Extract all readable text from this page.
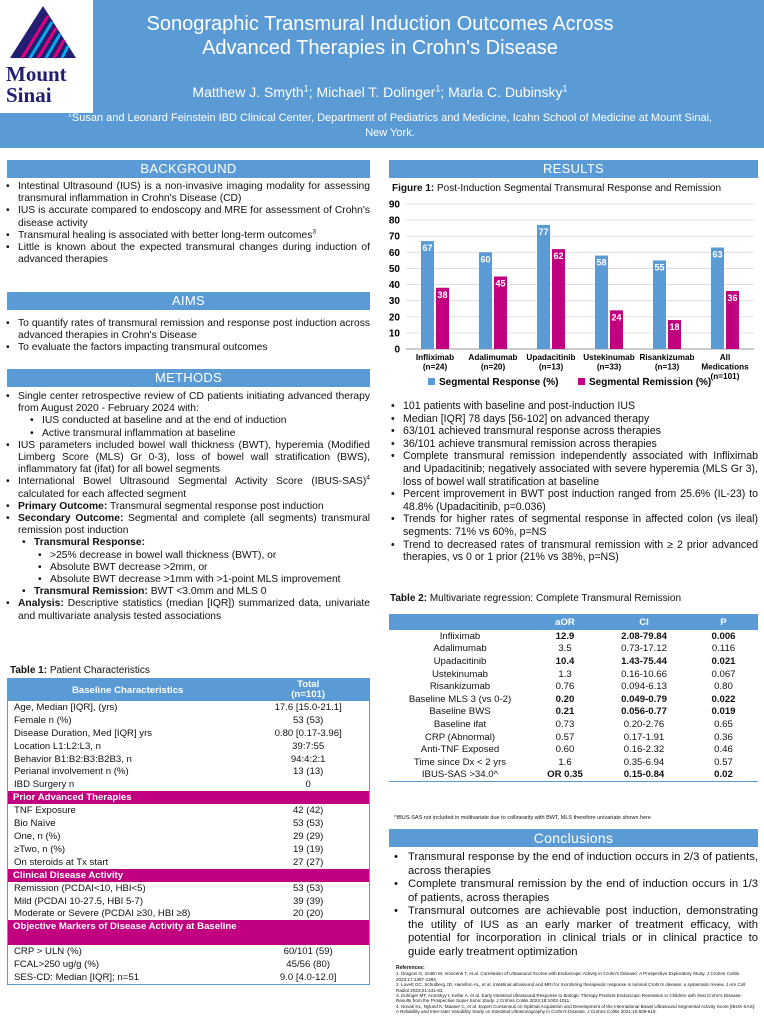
Mount
Sinai
Sonographic Transmural Induction Outcomes Across Advanced Therapies in Crohn's Disease
Matthew J. Smyth$^1$; Michael T. Dolinger$^1$; Marla C. Dubinsky$^1$
$^1$Susan and Leonard Feinstein IBD Clinical Center, Department of Pediatrics and Medicine, Icahn School of Medicine at Mount Sinai, New York.
BACKGROUND
• Intestinal Ultrasound (IUS) is a non-invasive imaging modality for assessing transmural inflammation in Crohn's Disease (CD)
• IUS is accurate compared to endoscopy and MRE for assessment of Crohn's disease activity
• Transmural healing is associated with better long-term outcomes$^3$
• Little is known about the expected transmural changes during induction of advanced therapies
AIMS
• To quantify rates of transmural remission and response post induction across advanced therapies in Crohn's Disease
• To evaluate the factors impacting transmural outcomes
METHODS
• Single center retrospective review of CD patients initiating advanced therapy from August 2020 - February 2024 with:
• IUS conducted at baseline and at the end of induction
• Active transmural inflammation at baseline
• IUS parameters included bowel wall thickness (BWT), hyperemia (Modified Limberg Score (MLS) Gr 0-3), loss of bowel wall stratification (BWS), inflammatory fat (ifat) for all bowel segments
• International Bowel Ultrasound Segmental Activity Score (IBUS-SAS)$^4$ calculated for each affected segment
• Primary Outcome: Transmural segmental response post induction
• Secondary Outcome: Segmental and complete (all segments) transmural remission post induction
• Transmural Response:
• >25% decrease in bowel wall thickness (BWT), or
• Absolute BWT decrease >2mm, or
• Absolute BWT decrease >1mm with >1-point MLS improvement
• Transmural Remission: BWT <3.0mm and MLS 0
• Analysis: Descriptive statistics (median [IQR]) summarized data, univariate and multivariate analysis tested associations
Table 1: Patient Characteristics
Baseline Characteristics	Total
(n=101)
Age, Median [IQR], (yrs)	17.6 [15.0-21.1]
Female n (%)	53 (53)
Disease Duration, Med [IQR] yrs	0.80 [0.17-3.96]
Location L1:L2:L3, n	39:7:55
Behavior B1:B2:B3:B2B3, n	94:4:2:1
Perianal involvement n (%)	13 (13)
IBD Surgery n	0
Prior Advanced Therapies
TNF Exposure	42 (42)
Bio Naïve	53 (53)
One, n (%)	29 (29)
≥Two, n (%)	19 (19)
On steroids at Tx start	27 (27)
Clinical Disease Activity
Remission (PCDAI<10, HBI<5)	53 (53)
Mild (PCDAI 10-27.5, HBI 5-7)	39 (39)
Moderate or Severe (PCDAI ≥30, HBI ≥8)	20 (20)
Objective Markers of Disease Activity at Baseline
CRP > ULN (%)	60/101 (59)
FCAL>250 ug/g (%)	45/56 (80)
SES-CD: Median [IQR]; n=51	9.0 [4.0-12.0]
RESULTS
Figure 1: Post-Induction Segmental Transmural Response and Remission
0
10
20
30
40
50
60
70
80
90
67
38
Infliximab
(n=24)
60
45
Adalimumab
(n=20)
77
62
Upadacitinib
(n=13)
58
24
Ustekinumab
(n=33)
55
18
Risankizumab
(n=13)
63
36
All
Medications
(n=101)
Segmental Response (%)	Segmental Remission (%)
• 101 patients with baseline and post-induction IUS
• Median [IQR] 78 days [56-102] on advanced therapy
• 63/101 achieved transmural response across therapies
• 36/101 achieve transmural remission across therapies
• Complete transmural remission independently associated with Infliximab and Upadacitinib; negatively associated with severe hyperemia (MLS Gr 3), loss of bowel wall stratification at baseline
• Percent improvement in BWT post induction ranged from 25.6% (IL-23) to 48.8% (Upadacitinib, p=0.036)
• Trends for higher rates of segmental response in affected colon (vs ileal) segments: 71% vs 60%, p=NS
• Trend to decreased rates of transmural remission with ≥ 2 prior advanced therapies, vs 0 or 1 prior (21% vs 38%, p=NS)
Table 2: Multivariate regression: Complete Transmural Remission
aOR	CI	P
Infliximab	12.9	2.08-79.84	0.006
Adalimumab	3.5	0.73-17.12	0.116
Upadacitinib	10.4	1.43-75.44	0.021
Ustekinumab	1.3	0.16-10.66	0.067
Risankizumab	0.76	0.094-6.13	0.80
Baseline MLS 3 (vs 0-2)	0.20	0.049-0.79	0.022
Baseline BWS	0.21	0.056-0.77	0.019
Baseline ifat	0.73	0.20-2.76	0.65
CRP (Abnormal)	0.57	0.17-1.91	0.36
Anti-TNF Exposed	0.60	0.16-2.32	0.46
Time since Dx < 2 yrs	1.6	0.35-6.94	0.57
IBUS-SAS >34.0^	OR 0.35	0.15-0.84	0.02
^IBUS-SAS not included in multivariate due to collinearity with BWT, MLS therefore univariate shown here
Conclusions
• Transmural response by the end of induction occurs in 2/3 of patients, across therapies
• Complete transmural remission by the end of induction occurs in 1/3 of patients, across therapies
• Transmural outcomes are achievable post induction, demonstrating the utility of IUS as an early marker of treatment efficacy, with potential for incorporation in clinical trials or in clinical practice to guide early treatment optimization
References:
1. Dragoni G, Gottin M, Innocenti T, et al. Correlation of Ultrasound Scores with Endoscopic Activity in Crohn's Disease: A Prospective Exploratory Study. J Crohns Colitis 2023;17:1387-1394.
2. Lovett GC, Schulberg JD, Hamilton AL, et al. Intestinal ultrasound and MRI for monitoring therapeutic response in luminal Crohn's disease: a systematic review. J Am Coll Radiol 2023;21:441-63.
3. Dolinger MT, Aronskyy I, Kellar A, et al. Early Intestinal Ultrasound Response to Biologic Therapy Predicts Endoscopic Remission in Children with Ileal Crohn's Disease: Results from the Prospective Super Sonic Study. J Crohns Colitis 2024;18:1002-1011.
4. Novak KL, Nylund K, Maaser C, et al. Expert Consensus on Optimal Acquisition and Development of the International Bowel Ultrasound Segmental Activity Score [IBUS-SAS]: A Reliability and Inter-rater Variability Study on Intestinal Ultrasonography in Crohn's Disease. J Crohns Colitis 2021;15:609-616.
